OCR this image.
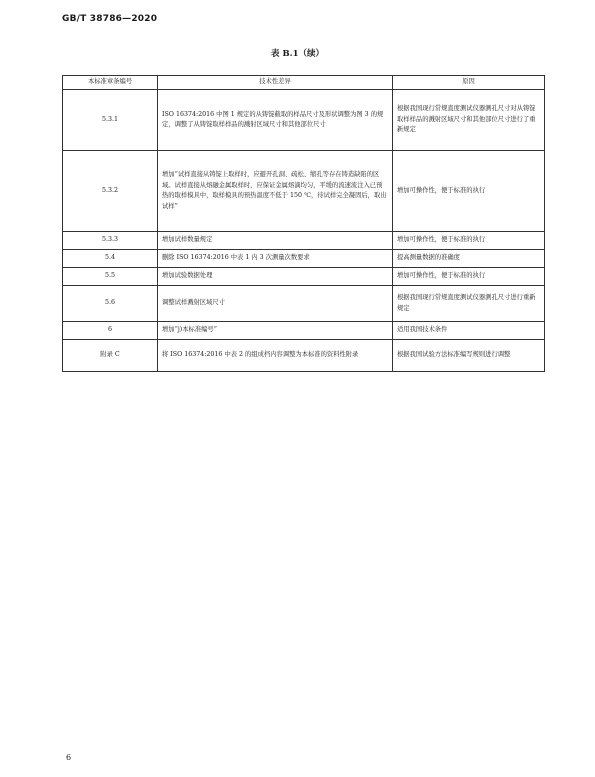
GB/T 38786—2020
表 B.1（续）
本标准章条编号	技术性差异	原因
5.3.1	ISO 16374:2016 中图 1 规定的从铸锭截取的样品尺寸及形状调整为图 3 的规定，调整了从铸锭取样样品的溅射区域尺寸和其他部位尺寸	根据我国现行常规直度测试仪器测孔尺寸对从铸锭取样样品的溅射区域尺寸和其他部位尺寸进行了重新规定
5.3.2	增加“试样直接从铸锭上取样时，应避开孔洞、疏松、缩孔等存在铸造缺陷的区域。试样直接从熔融金属取样时，应保证金属熔滴均匀，平缓的流速流注入已预热的取样模具中，取样模具的预热温度不低于 150 ℃，待试样完全凝固后，取出试样”	增加可操作性，便于标准的执行
5.3.3	增加试样数量规定	增加可操作性，便于标准的执行
5.4	删除 ISO 16374:2016 中表 1 内 3 次测量次数要求	提高测量数据的准确度
5.5	增加试验数据处理	增加可操作性，便于标准的执行
5.6	调整试样溅射区域尺寸	根据我国现行常规直度测试仪器测孔尺寸进行重新规定
6	增加“j)本标准编号”	适用我国技术条件
附录 C	将 ISO 16374:2016 中表 2 的组成档内容调整为本标准的资料性附录	根据我国试验方法标准编写规则进行调整
6
